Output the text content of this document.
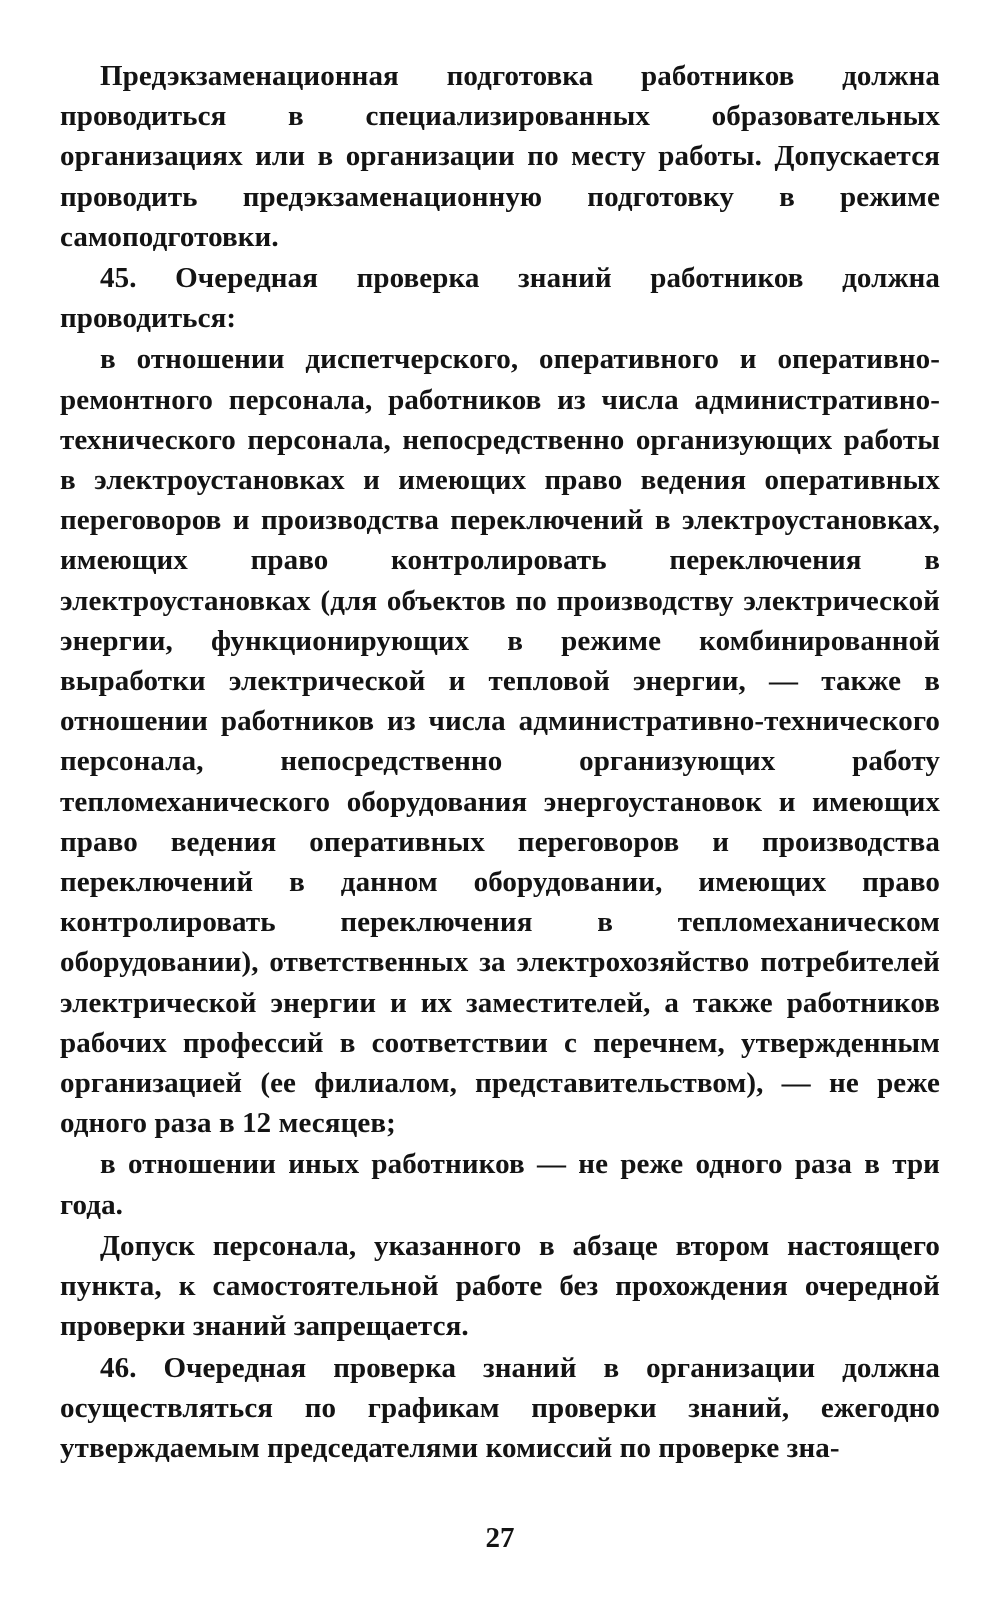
Предэкзаменационная подготовка работников должна проводиться в специализированных образовательных организациях или в организации по месту работы. Допускается проводить предэкзаменационную подготовку в режиме самоподготовки.

45. Очередная проверка знаний работников должна проводиться:

в отношении диспетчерского, оперативного и оперативно-ремонтного персонала, работников из числа административно-технического персонала, непосредственно организующих работы в электроустановках и имеющих право ведения оперативных переговоров и производства переключений в электроустановках, имеющих право контролировать переключения в электроустановках (для объектов по производству электрической энергии, функционирующих в режиме комбинированной выработки электрической и тепловой энергии, — также в отношении работников из числа административно-технического персонала, непосредственно организующих работу тепломеханического оборудования энергоустановок и имеющих право ведения оперативных переговоров и производства переключений в данном оборудовании, имеющих право контролировать переключения в тепломеханическом оборудовании), ответственных за электрохозяйство потребителей электрической энергии и их заместителей, а также работников рабочих профессий в соответствии с перечнем, утвержденным организацией (ее филиалом, представительством), — не реже одного раза в 12 месяцев;

в отношении иных работников — не реже одного раза в три года.

Допуск персонала, указанного в абзаце втором настоящего пункта, к самостоятельной работе без прохождения очередной проверки знаний запрещается.

46. Очередная проверка знаний в организации должна осуществляться по графикам проверки знаний, ежегодно утверждаемым председателями комиссий по проверке зна-

27
